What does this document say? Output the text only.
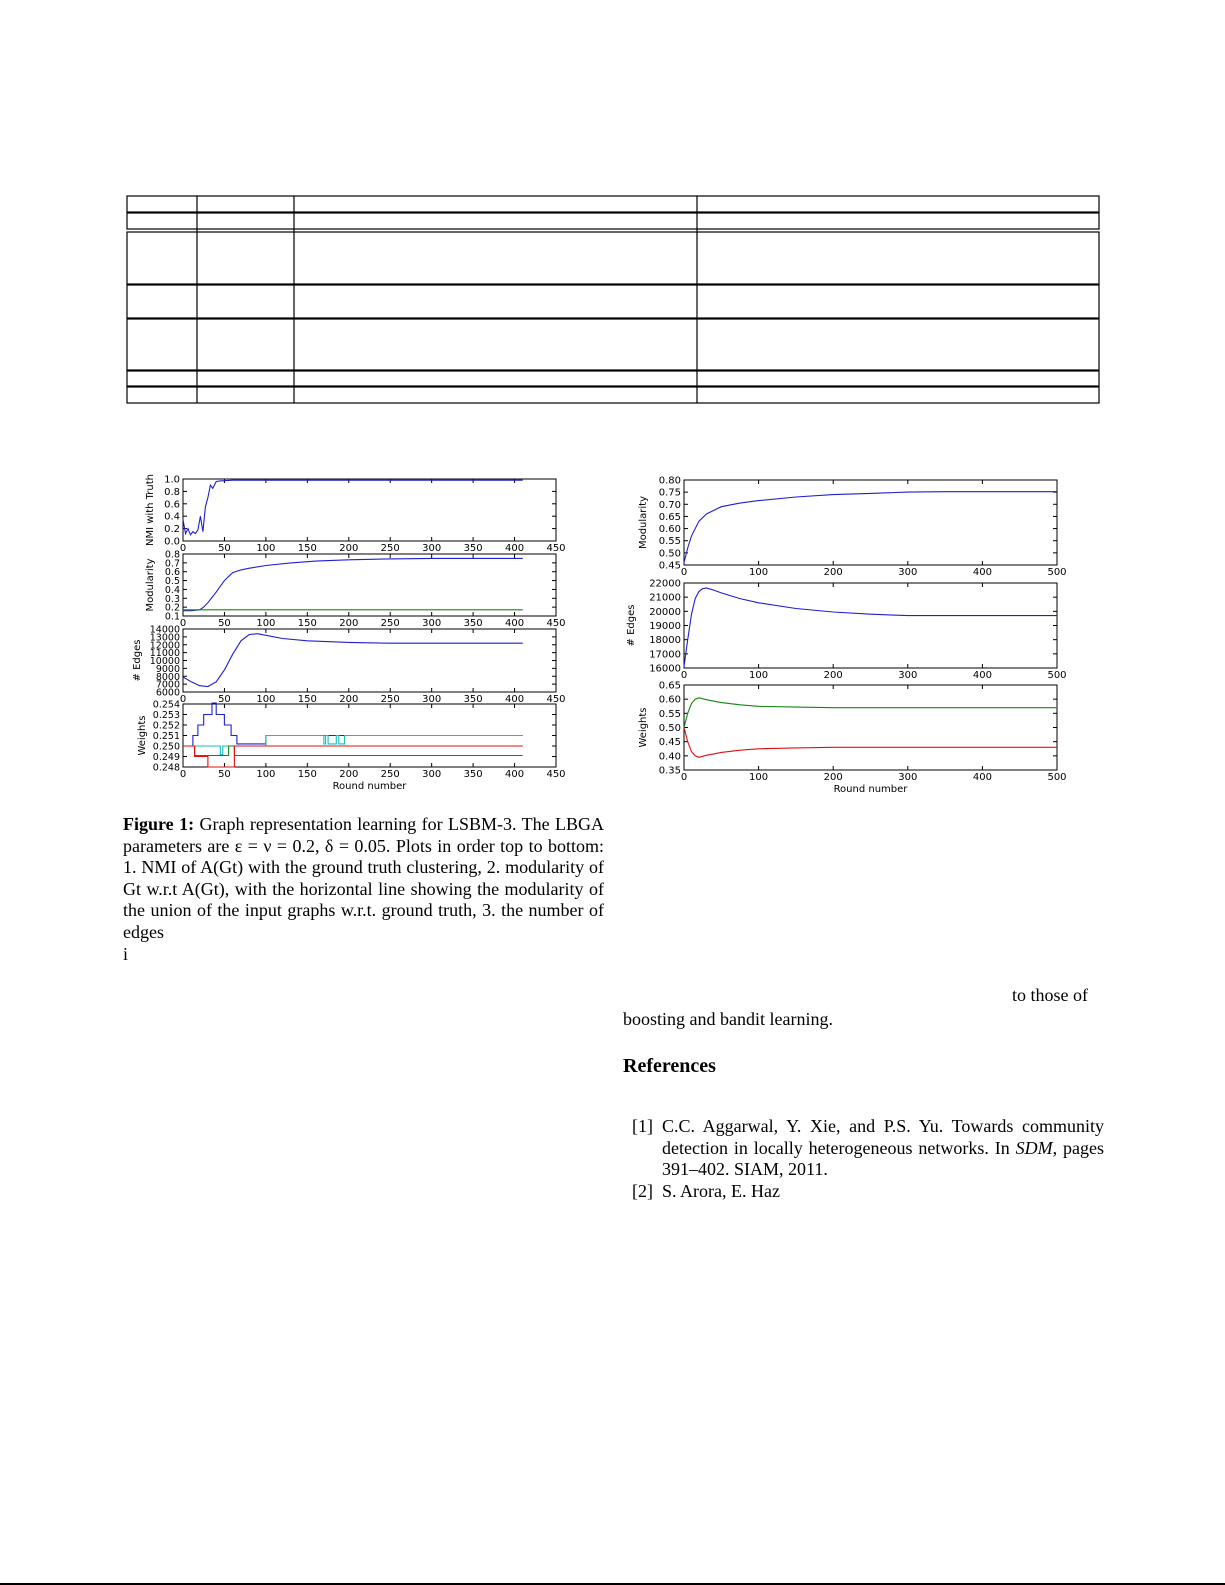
0	50	100 150 200 250 300 350 400 450
0.0
0.2
0.4
0.6
0.8
1.0
NMI with Truth
0	50	100 150 200 250 300 350 400 450
0.1
0.2
0.3
0.4
0.5
0.6
0.7
0.8
Modularity
0	50	100 150 200 250 300 350 400 450
6000
7000
8000
9000
10000
11000
12000
13000
14000
# Edges
0	50	100 150 200 250 300 350 400 450
0.248
0.249
0.250
0.251
0.252
0.253
0.254
Weights
Round number
0	100	200	300	400	500
0.45
0.50
0.55
0.60
0.65
0.70
0.75
0.80
Modularity
0	100	200	300	400	500
16000
17000
18000
19000
20000
21000
22000
# Edges
0	100	200	300	400	500
0.35
0.40
0.45
0.50
0.55
0.60
0.65
Weights
Round number
Figure 1: Graph representation learning for LSBM-3. The LBGA parameters are ε = ν = 0.2, δ = 0.05. Plots in order top to bottom: 1. NMI of A(Gt) with the ground truth clustering, 2. modularity of Gt w.r.t A(Gt), with the horizontal line showing the modularity of the union of the input graphs w.r.t. ground truth, 3. the number of edges
i
to those of
boosting and bandit learning.
References
[1] C.C. Aggarwal, Y. Xie, and P.S. Yu. Towards community detection in locally heterogeneous networks. In SDM, pages 391–402. SIAM, 2011.
[2] S. Arora, E. Haz
